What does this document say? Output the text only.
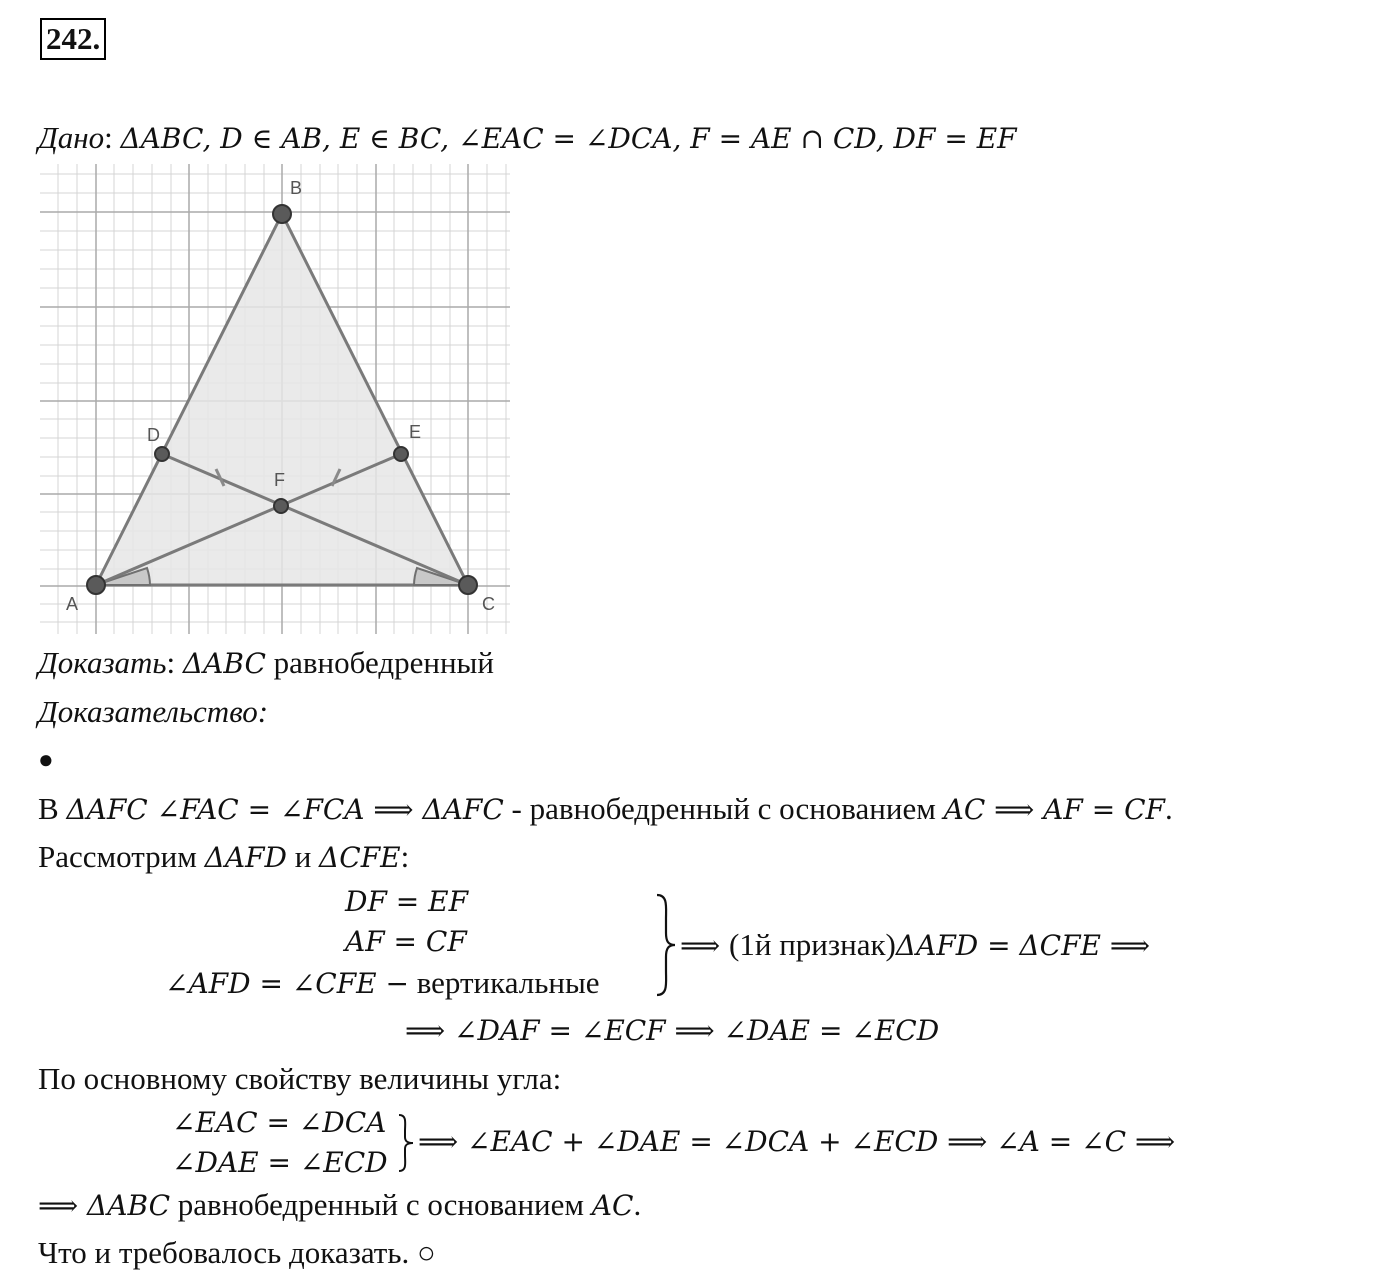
242.
Дано: ΔABC, D ∈ AB, E ∈ BC, ∠EAC = ∠DCA, F = AE ∩ CD, DF = EF
A
B
C
D	E
F
Доказать: ΔABC равнобедренный
Доказательство:
●
В ΔAFC ∠FAC = ∠FCA ⟹ ΔAFC - равнобедренный с основанием AC ⟹ AF = CF.
Рассмотрим ΔAFD и ΔCFE:
DF = EF
AF = CF
∠AFD = ∠CFE − вертикальные
⟹ (1й признак)ΔAFD = ΔCFE ⟹
⟹ ∠DAF = ∠ECF ⟹ ∠DAE = ∠ECD
По основному свойству величины угла:
∠EAC = ∠DCA
∠DAE = ∠ECD
⟹ ∠EAC + ∠DAE = ∠DCA + ∠ECD ⟹ ∠A = ∠C ⟹
⟹ ΔABC равнобедренный с основанием AC.
Что и требовалось доказать. ○
